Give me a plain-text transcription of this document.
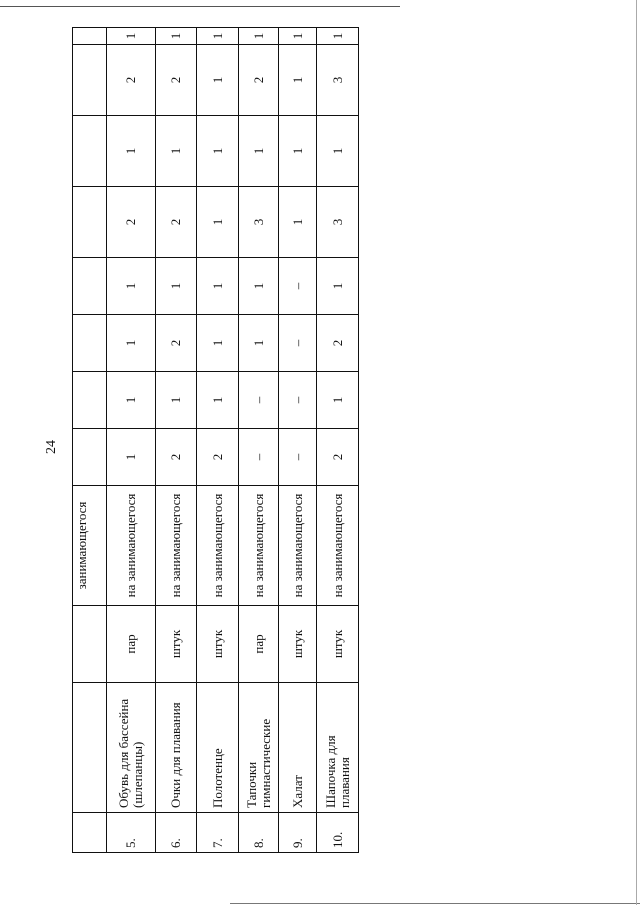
24
			занимающегося								
5.	Обувь для бассейна (шлепанцы)	пар	на занимающегося	1	1	1	1	2	1	2	1
6.	Очки для плавания	штук	на занимающегося	2	1	2	1	2	1	2	1
7.	Полотенце	штук	на занимающегося	2	1	1	1	1	1	1	1
8.	Тапочки гимнастические	пар	на занимающегося	–	–	1	1	3	1	2	1
9.	Халат	штук	на занимающегося	–	–	–	–	1	1	1	1
10.	Шапочка для плавания	штук	на занимающегося	2	1	2	1	3	1	3	1
